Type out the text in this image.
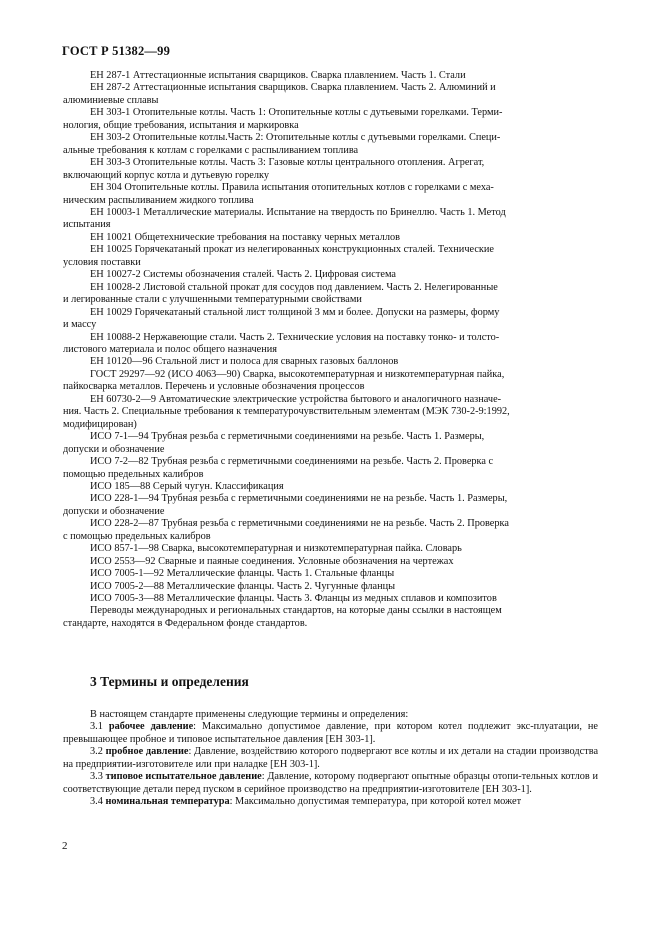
ГОСТ Р 51382—99
ЕН 287-1 Аттестационные испытания сварщиков. Сварка плавлением. Часть 1. Стали
ЕН 287-2 Аттестационные испытания сварщиков. Сварка плавлением. Часть 2. Алюминий и
алюминиевые сплавы
ЕН 303-1 Отопительные котлы. Часть 1: Отопительные котлы с дутьевыми горелками. Терми-
нология, общие требования, испытания и маркировка
ЕН 303-2 Отопительные котлы.Часть 2: Отопительные котлы с дутьевыми горелками. Специ-
альные требования к котлам с горелками с распыливанием топлива
ЕН 303-3 Отопительные котлы. Часть 3: Газовые котлы центрального отопления. Агрегат,
включающий корпус котла и дутьевую горелку
ЕН 304 Отопительные котлы. Правила испытания отопительных котлов с горелками с меха-
ническим распыливанием жидкого топлива
ЕН 10003-1 Металлические материалы. Испытание на твердость по Бринеллю. Часть 1. Метод
испытания
ЕН 10021 Общетехнические требования на поставку черных металлов
ЕН 10025 Горячекатаный прокат из нелегированных конструкционных сталей. Технические
условия поставки
ЕН 10027-2 Системы обозначения сталей. Часть 2. Цифровая система
ЕН 10028-2 Листовой стальной прокат для сосудов под давлением. Часть 2. Нелегированные
и легированные стали с улучшенными температурными свойствами
ЕН 10029 Горячекатаный стальной лист толщиной 3 мм и более. Допуски на размеры, форму
и массу
ЕН 10088-2 Нержавеющие стали. Часть 2. Технические условия на поставку тонко- и толсто-
листового материала и полос общего назначения
ЕН 10120—96 Стальной лист и полоса для сварных газовых баллонов
ГОСТ 29297—92 (ИСО 4063—90) Сварка, высокотемпературная и низкотемпературная пайка,
пайкосварка металлов. Перечень и условные обозначения процессов
ЕН 60730-2—9 Автоматические электрические устройства бытового и аналогичного назначе-
ния. Часть 2. Специальные требования к температурочувствительным элементам (МЭК 730-2-9:1992,
модифицирован)
ИСО 7-1—94 Трубная резьба с герметичными соединениями на резьбе. Часть 1. Размеры,
допуски и обозначение
ИСО 7-2—82 Трубная резьба с герметичными соединениями на резьбе. Часть 2. Проверка с
помощью предельных калибров
ИСО 185—88 Серый чугун. Классификация
ИСО 228-1—94 Трубная резьба с герметичными соединениями не на резьбе. Часть 1. Размеры,
допуски и обозначение
ИСО 228-2—87 Трубная резьба с герметичными соединениями не на резьбе. Часть 2. Проверка
с помощью предельных калибров
ИСО 857-1—98 Сварка, высокотемпературная и низкотемпературная пайка. Словарь
ИСО 2553—92 Сварные и паяные соединения. Условные обозначения на чертежах
ИСО 7005-1—92 Металлические фланцы. Часть 1. Стальные фланцы
ИСО 7005-2—88 Металлические фланцы. Часть 2. Чугунные фланцы
ИСО 7005-3—88 Металлические фланцы. Часть 3. Фланцы из медных сплавов и композитов
Переводы международных и региональных стандартов, на которые даны ссылки в настоящем
стандарте, находятся в Федеральном фонде стандартов.
3 Термины и определения

В настоящем стандарте применены следующие термины и определения:

3.1 рабочее давление: Максимально допустимое давление, при котором котел подлежит экс-плуатации, не превышающее пробное и типовое испытательное давления [ЕН 303-1].

3.2 пробное давление: Давление, воздействию которого подвергают все котлы и их детали на стадии производства на предприятии-изготовителе или при наладке [ЕН 303-1].

3.3 типовое испытательное давление: Давление, которому подвергают опытные образцы отопи-тельных котлов и соответствующие детали перед пуском в серийное производство на предприятии-изготовителе [ЕН 303-1].

3.4 номинальная температура: Максимально допустимая температура, при которой котел может

2
